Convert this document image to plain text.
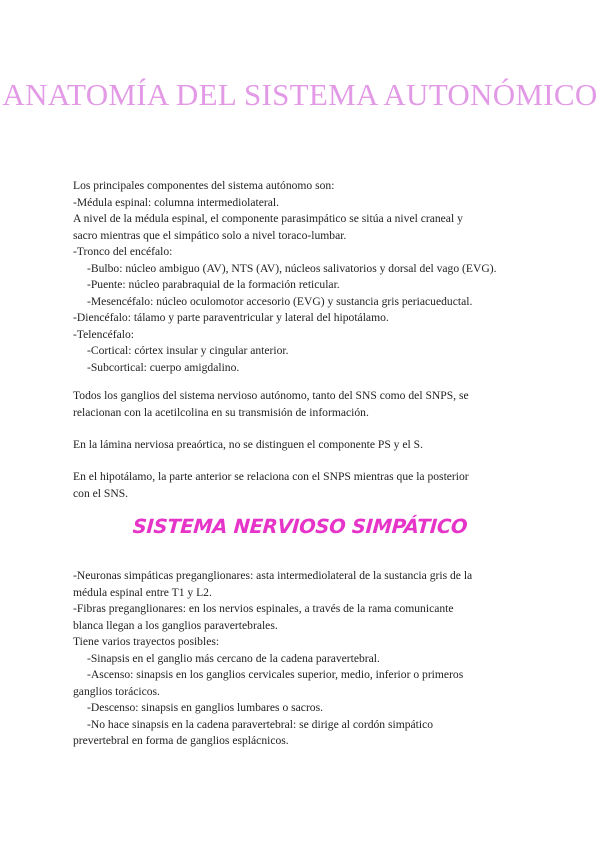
ANATOMÍA DEL SISTEMA AUTONÓMICO
Los principales componentes del sistema autónomo son:
-Médula espinal: columna intermediolateral.
A nivel de la médula espinal, el componente parasimpático se sitúa a nivel craneal y
sacro mientras que el simpático solo a nivel toraco-lumbar.
-Tronco del encéfalo:
-Bulbo: núcleo ambiguo (AV), NTS (AV), núcleos salivatorios y dorsal del vago (EVG).
-Puente: núcleo parabraquial de la formación reticular.
-Mesencéfalo: núcleo oculomotor accesorio (EVG) y sustancia gris periacueductal.
-Diencéfalo: tálamo y parte paraventricular y lateral del hipotálamo.
-Telencéfalo:
-Cortical: córtex insular y cingular anterior.
-Subcortical: cuerpo amigdalino.
Todos los ganglios del sistema nervioso autónomo, tanto del SNS como del SNPS, se
relacionan con la acetilcolina en su transmisión de información.
En la lámina nerviosa preaórtica, no se distinguen el componente PS y el S.
En el hipotálamo, la parte anterior se relaciona con el SNPS mientras que la posterior
con el SNS.
SISTEMA NERVIOSO SIMPÁTICO
-Neuronas simpáticas preganglionares: asta intermediolateral de la sustancia gris de la
médula espinal entre T1 y L2.
-Fibras preganglionares: en los nervios espinales, a través de la rama comunicante
blanca llegan a los ganglios paravertebrales.
Tiene varios trayectos posibles:
-Sinapsis en el ganglio más cercano de la cadena paravertebral.
-Ascenso: sinapsis en los ganglios cervicales superior, medio, inferior o primeros
ganglios torácicos.
-Descenso: sinapsis en ganglios lumbares o sacros.
-No hace sinapsis en la cadena paravertebral: se dirige al cordón simpático
prevertebral en forma de ganglios esplácnicos.
